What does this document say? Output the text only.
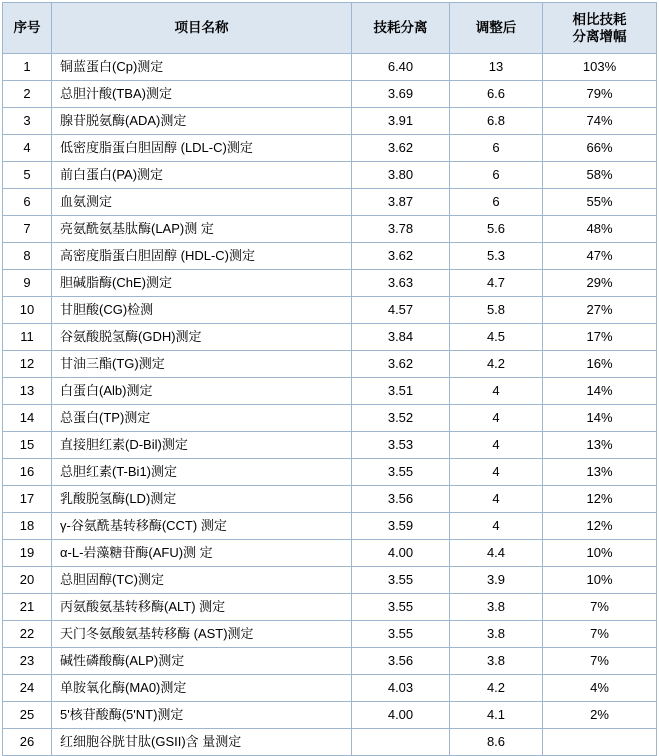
序号	项目名称	技耗分离	调整后	相比技耗
分离增幅

1	铜蓝蛋白(Cp)测定	6.40	13	103%
2	总胆汁酸(TBA)测定	3.69	6.6	79%
3	腺苷脱氨酶(ADA)测定	3.91	6.8	74%
4	低密度脂蛋白胆固醇 (LDL-C)测定	3.62	6	66%
5	前白蛋白(PA)测定	3.80	6	58%
6	血氨测定	3.87	6	55%
7	亮氨酰氨基肽酶(LAP)测 定	3.78	5.6	48%
8	高密度脂蛋白胆固醇 (HDL-C)测定	3.62	5.3	47%
9	胆碱脂酶(ChE)测定	3.63	4.7	29%
10	甘胆酸(CG)检测	4.57	5.8	27%
11	谷氨酸脱氢酶(GDH)测定	3.84	4.5	17%
12	甘油三酯(TG)测定	3.62	4.2	16%
13	白蛋白(Alb)测定	3.51	4	14%
14	总蛋白(TP)测定	3.52	4	14%
15	直接胆红素(D-Bil)测定	3.53	4	13%
16	总胆红素(T-Bi1)测定	3.55	4	13%
17	乳酸脱氢酶(LD)测定	3.56	4	12%
18	γ-谷氨酰基转移酶(CCT) 测定	3.59	4	12%
19	α-L-岩藻糖苷酶(AFU)测 定	4.00	4.4	10%
20	总胆固醇(TC)测定	3.55	3.9	10%
21	丙氨酸氨基转移酶(ALT) 测定	3.55	3.8	7%
22	天门冬氨酸氨基转移酶 (AST)测定	3.55	3.8	7%
23	碱性磷酸酶(ALP)测定	3.56	3.8	7%
24	单胺氧化酶(MA0)测定	4.03	4.2	4%
25	5'核苷酸酶(5'NT)测定	4.00	4.1	2%
26	红细胞谷胱甘肽(GSII)含 量测定		8.6	
